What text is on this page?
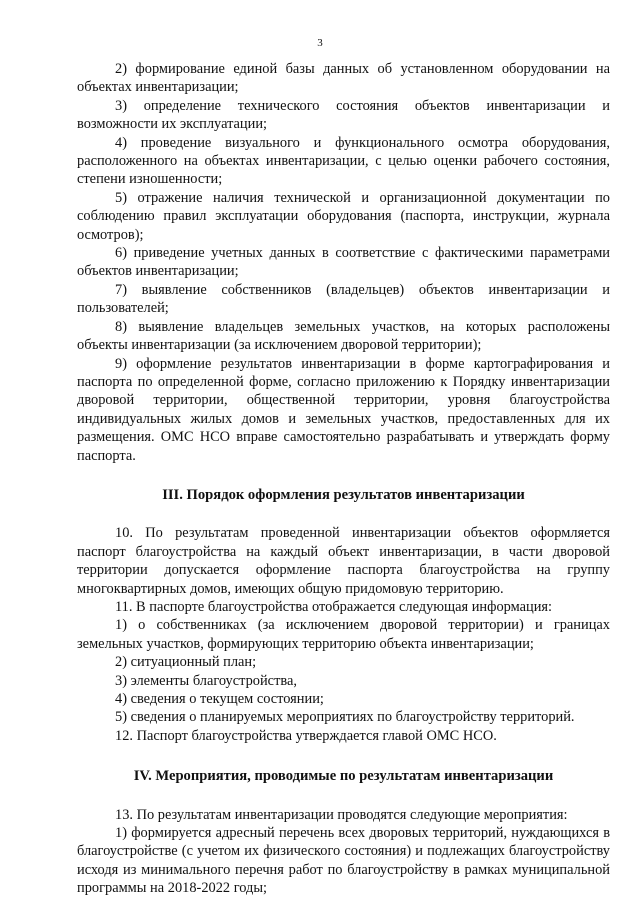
3

2) формирование единой базы данных об установленном оборудовании на объектах инвентаризации;

3) определение технического состояния объектов инвентаризации и возможности их эксплуатации;

4) проведение визуального и функционального осмотра оборудования, расположенного на объектах инвентаризации, с целью оценки рабочего состояния, степени изношенности;

5) отражение наличия технической и организационной документации по соблюдению правил эксплуатации оборудования (паспорта, инструкции, журнала осмотров);

6) приведение учетных данных в соответствие с фактическими параметрами объектов инвентаризации;

7) выявление собственников (владельцев) объектов инвентаризации и пользователей;

8) выявление владельцев земельных участков, на которых расположены объекты инвентаризации (за исключением дворовой территории);

9) оформление результатов инвентаризации в форме картографирования и паспорта по определенной форме, согласно приложению к Порядку инвентаризации дворовой территории, общественной территории, уровня благоустройства индивидуальных жилых домов и земельных участков, предоставленных для их размещения. ОМС НСО вправе самостоятельно разрабатывать и утверждать форму паспорта.

III. Порядок оформления результатов инвентаризации

10. По результатам проведенной инвентаризации объектов оформляется паспорт благоустройства на каждый объект инвентаризации, в части дворовой территории допускается оформление паспорта благоустройства на группу многоквартирных домов, имеющих общую придомовую территорию.

11. В паспорте благоустройства отображается следующая информация:

1) о собственниках (за исключением дворовой территории) и границах земельных участков, формирующих территорию объекта инвентаризации;

2) ситуационный план;

3) элементы благоустройства,

4) сведения о текущем состоянии;

5) сведения о планируемых мероприятиях по благоустройству территорий.

12. Паспорт благоустройства утверждается главой ОМС НСО.

IV. Мероприятия, проводимые по результатам инвентаризации

13. По результатам инвентаризации проводятся следующие мероприятия:

1) формируется адресный перечень всех дворовых территорий, нуждающихся в благоустройстве (с учетом их физического состояния) и подлежащих благоустройству исходя из минимального перечня работ по благоустройству в рамках муниципальной программы на 2018-2022 годы;
